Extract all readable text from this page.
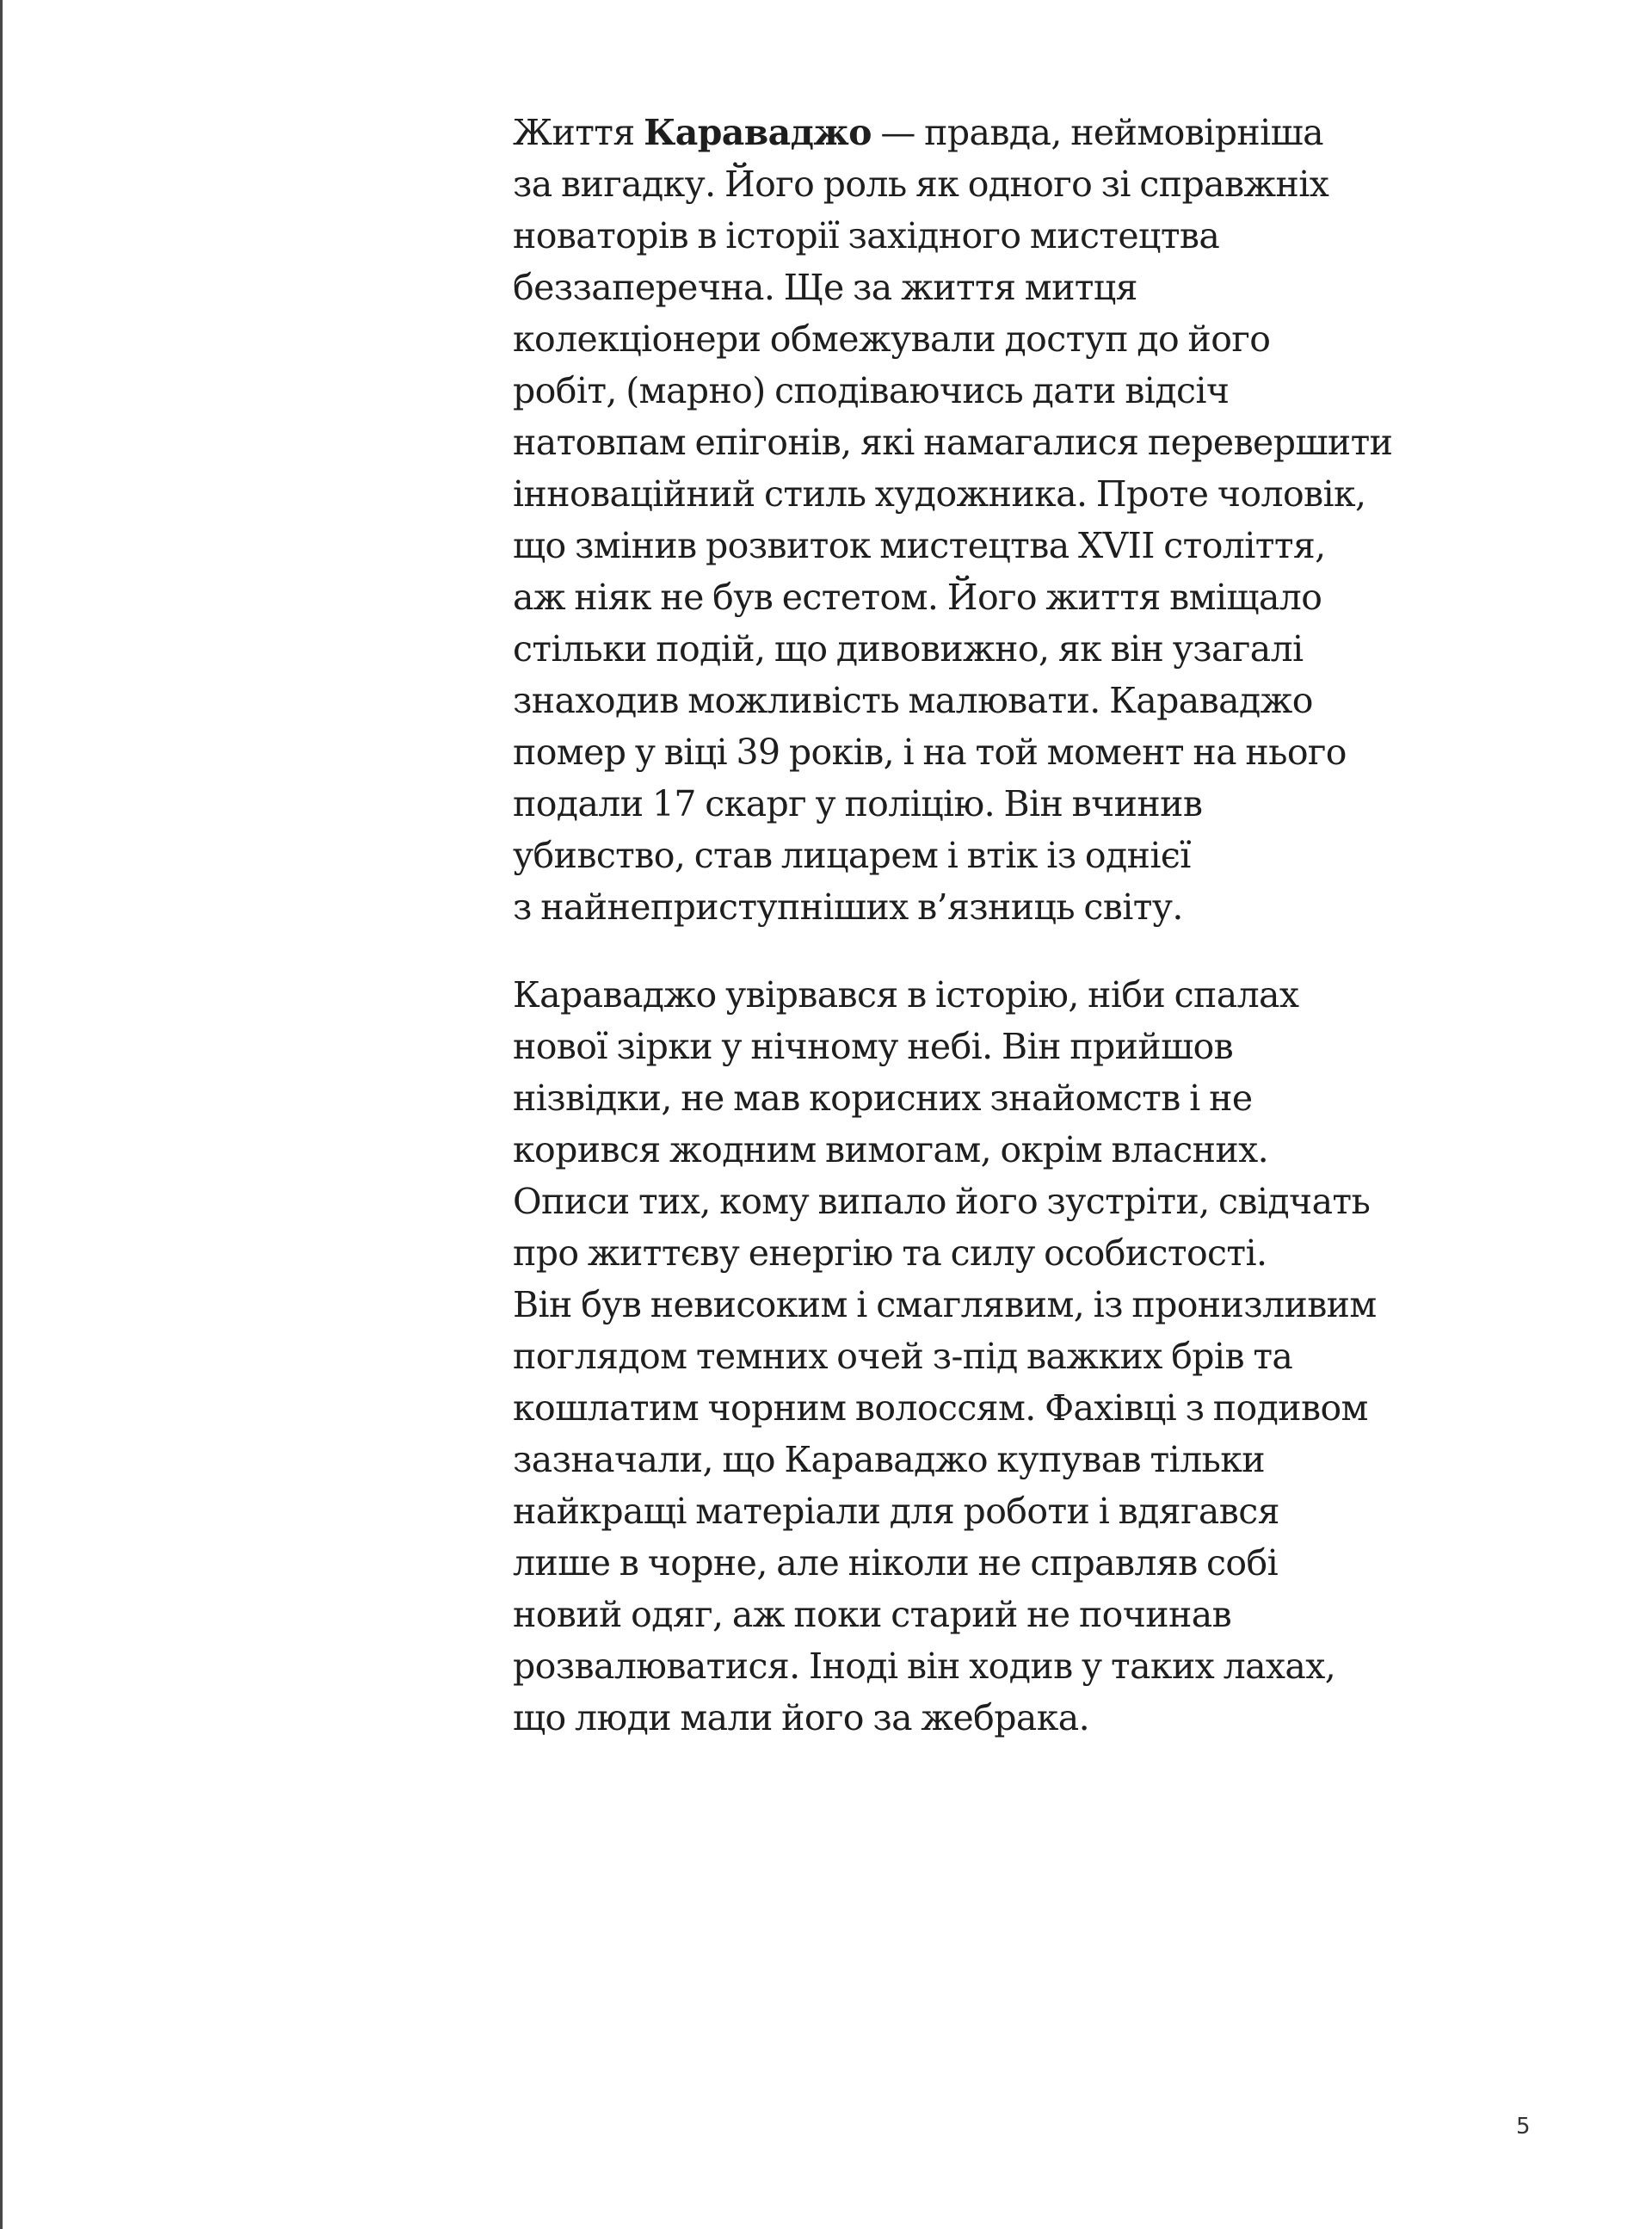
Життя Караваджо — правда, неймовірніша
за вигадку. Його роль як одного зі справжніх
новаторів в історії західного мистецтва
беззаперечна. Ще за життя митця
колекціонери обмежували доступ до його
робіт, (марно) сподіваючись дати відсіч
натовпам епігонів, які намагалися перевершити
інноваційний стиль художника. Проте чоловік,
що змінив розвиток мистецтва XVII століття,
аж ніяк не був естетом. Його життя вміщало
стільки подій, що дивовижно, як він узагалі
знаходив можливість малювати. Караваджо
помер у віці 39 років, і на той момент на нього
подали 17 скарг у поліцію. Він вчинив
убивство, став лицарем і втік із однієї
з найнеприступніших в’язниць світу.

Караваджо увірвався в історію, ніби спалах
нової зірки у нічному небі. Він прийшов
нізвідки, не мав корисних знайомств і не
корився жодним вимогам, окрім власних.
Описи тих, кому випало його зустріти, свідчать
про життєву енергію та силу особистості.
Він був невисоким і смаглявим, із пронизливим
поглядом темних очей з-під важких брів та
кошлатим чорним волоссям. Фахівці з подивом
зазначали, що Караваджо купував тільки
найкращі матеріали для роботи і вдягався
лише в чорне, але ніколи не справляв собі
новий одяг, аж поки старий не починав
розвалюватися. Іноді він ходив у таких лахах,
що люди мали його за жебрака.

5
